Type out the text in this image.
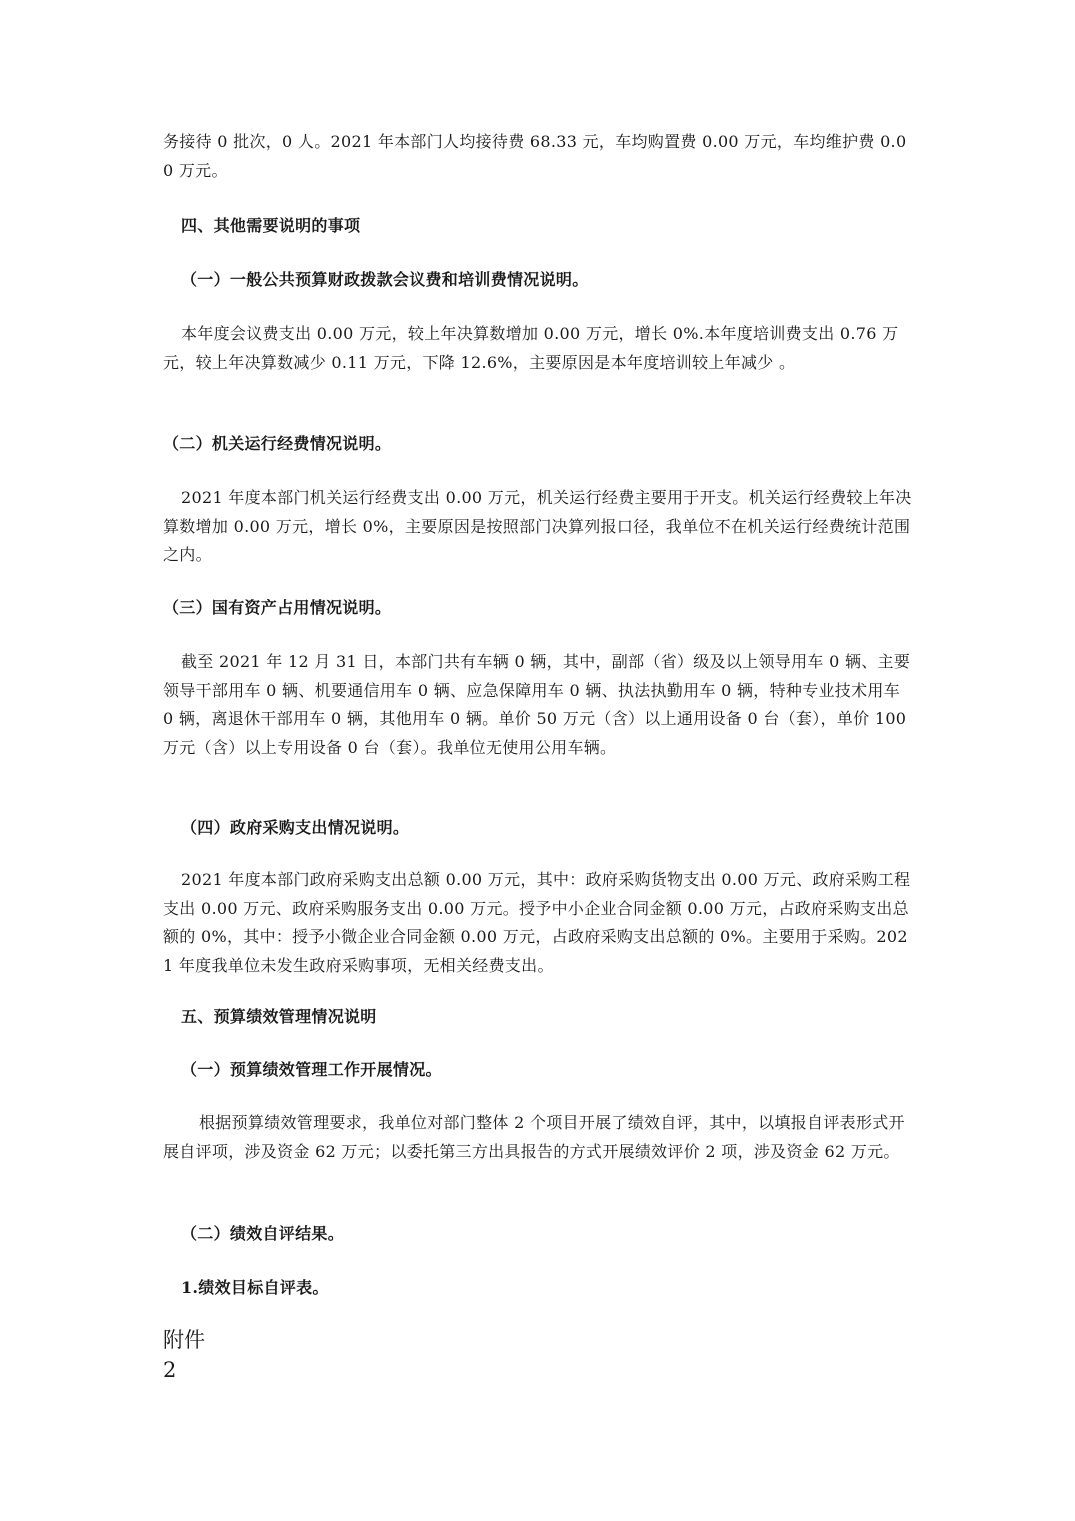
务接待 0 批次，0 人。2021 年本部门人均接待费 68.33 元，车均购置费 0.00 万元，车均维护费 0.00 万元。

四、其他需要说明的事项

（一）一般公共预算财政拨款会议费和培训费情况说明。

本年度会议费支出 0.00 万元，较上年决算数增加 0.00 万元，增长 0%.本年度培训费支出 0.76 万元，较上年决算数减少 0.11 万元，下降 12.6%，主要原因是本年度培训较上年减少 。

（二）机关运行经费情况说明。

2021 年度本部门机关运行经费支出 0.00 万元，机关运行经费主要用于开支。机关运行经费较上年决算数增加 0.00 万元，增长 0%，主要原因是按照部门决算列报口径，我单位不在机关运行经费统计范围之内。

（三）国有资产占用情况说明。

截至 2021 年 12 月 31 日，本部门共有车辆 0 辆，其中，副部（省）级及以上领导用车 0 辆、主要领导干部用车 0 辆、机要通信用车 0 辆、应急保障用车 0 辆、执法执勤用车 0 辆，特种专业技术用车 0 辆，离退休干部用车 0 辆，其他用车 0 辆。单价 50 万元（含）以上通用设备 0 台（套），单价 100 万元（含）以上专用设备 0 台（套）。我单位无使用公用车辆。

（四）政府采购支出情况说明。

2021 年度本部门政府采购支出总额 0.00 万元，其中：政府采购货物支出 0.00 万元、政府采购工程支出 0.00 万元、政府采购服务支出 0.00 万元。授予中小企业合同金额 0.00 万元，占政府采购支出总额的 0%，其中：授予小微企业合同金额 0.00 万元，占政府采购支出总额的 0%。主要用于采购。2021 年度我单位未发生政府采购事项，无相关经费支出。

五、预算绩效管理情况说明

（一）预算绩效管理工作开展情况。

根据预算绩效管理要求，我单位对部门整体 2 个项目开展了绩效自评，其中，以填报自评表形式开展自评项，涉及资金 62 万元；以委托第三方出具报告的方式开展绩效评价 2 项，涉及资金 62 万元。

（二）绩效自评结果。

1.绩效目标自评表。

附件

2
